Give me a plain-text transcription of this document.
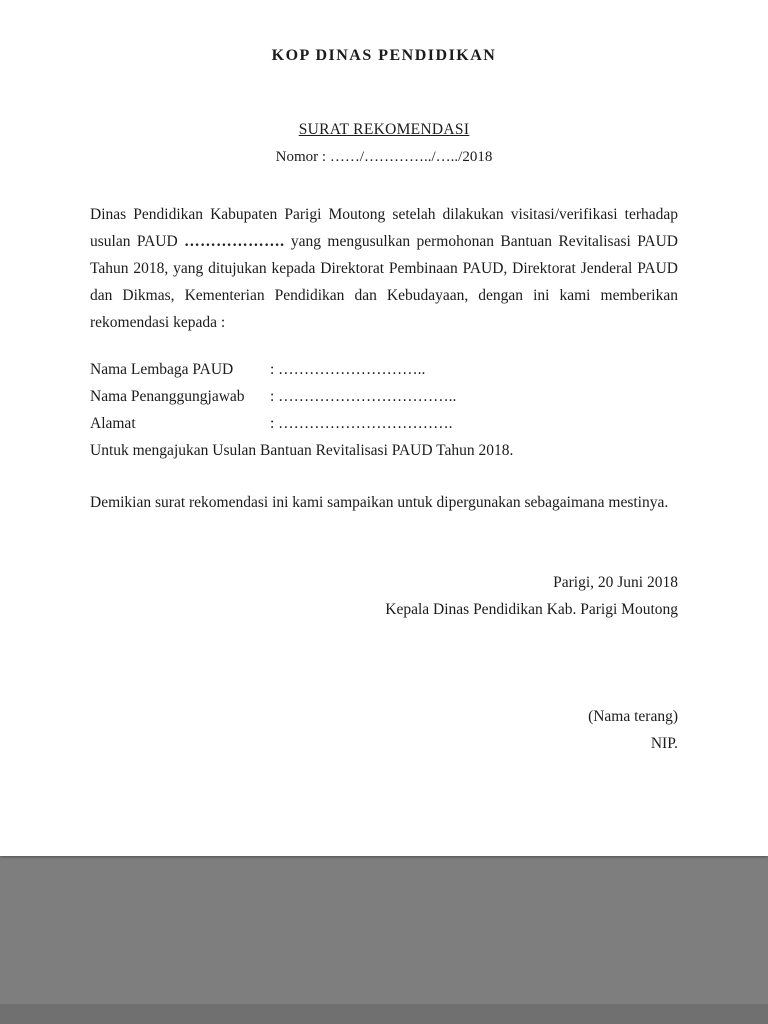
KOP DINAS PENDIDIKAN
SURAT REKOMENDASI
Nomor : ……/…………../…../2018

Dinas Pendidikan Kabupaten Parigi Moutong setelah dilakukan visitasi/verifikasi terhadap usulan PAUD ………………. yang mengusulkan permohonan Bantuan Revitalisasi PAUD Tahun 2018, yang ditujukan kepada Direktorat Pembinaan PAUD, Direktorat Jenderal PAUD dan Dikmas, Kementerian Pendidikan dan Kebudayaan, dengan ini kami memberikan rekomendasi kepada :

Nama Lembaga PAUD : ………………………..
Nama Penanggungjawab : ……………………………..
Alamat	: …………………………….
Untuk mengajukan Usulan Bantuan Revitalisasi PAUD Tahun 2018.

Demikian surat rekomendasi ini kami sampaikan untuk dipergunakan sebagaimana mestinya.

Parigi, 20 Juni 2018
Kepala Dinas Pendidikan Kab. Parigi Moutong
(Nama terang)
NIP.
